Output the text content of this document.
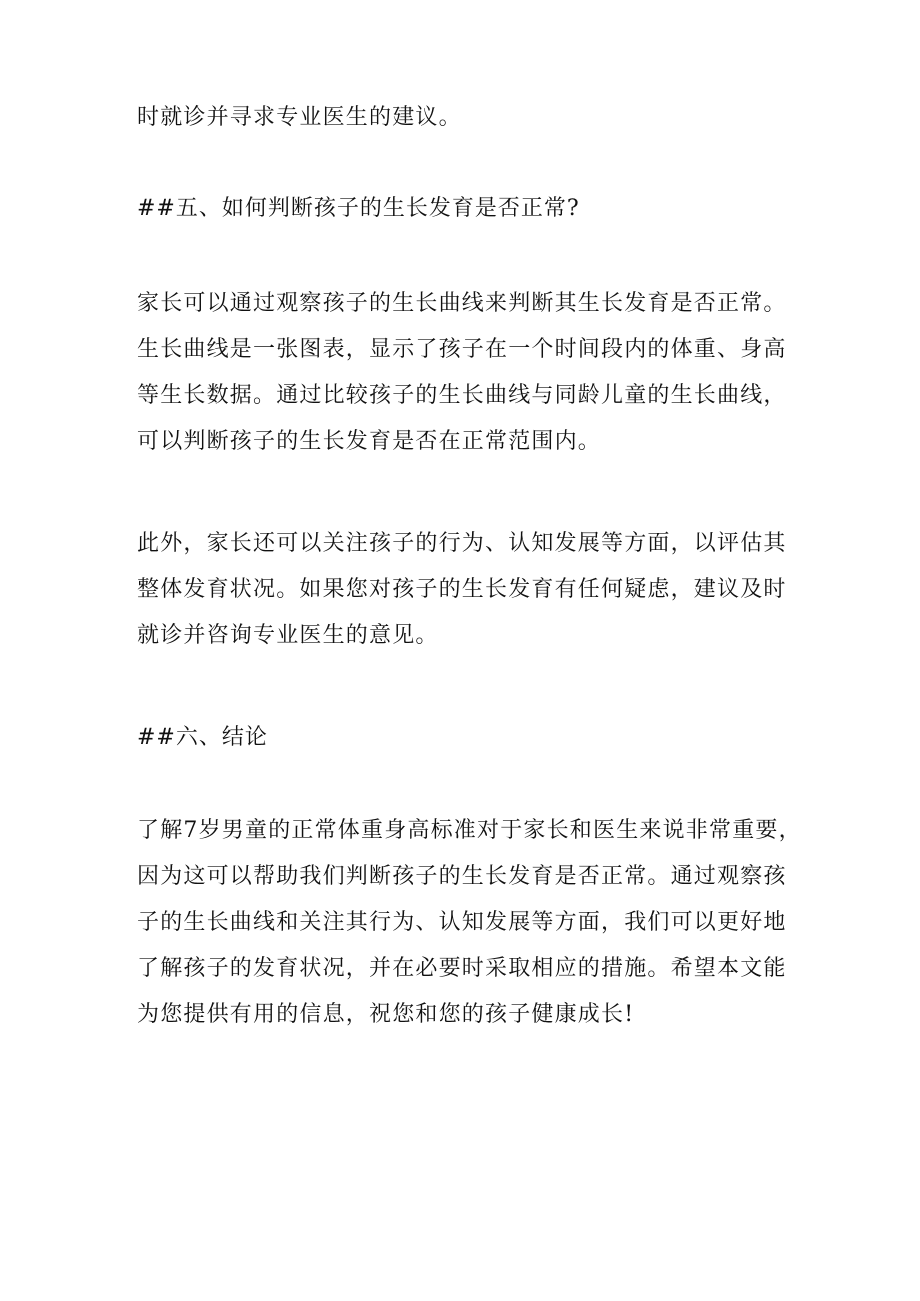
时就诊并寻求专业医生的建议。

##五、如何判断孩子的生长发育是否正常?

家长可以通过观察孩子的生长曲线来判断其生长发育是否正常。
生长曲线是一张图表，显示了孩子在一个时间段内的体重、身高
等生长数据。通过比较孩子的生长曲线与同龄儿童的生长曲线，
可以判断孩子的生长发育是否在正常范围内。

此外，家长还可以关注孩子的行为、认知发展等方面，以评估其
整体发育状况。如果您对孩子的生长发育有任何疑虑，建议及时
就诊并咨询专业医生的意见。

##六、结论

了解7岁男童的正常体重身高标准对于家长和医生来说非常重要，
因为这可以帮助我们判断孩子的生长发育是否正常。通过观察孩
子的生长曲线和关注其行为、认知发展等方面，我们可以更好地
了解孩子的发育状况，并在必要时采取相应的措施。希望本文能
为您提供有用的信息，祝您和您的孩子健康成长!
